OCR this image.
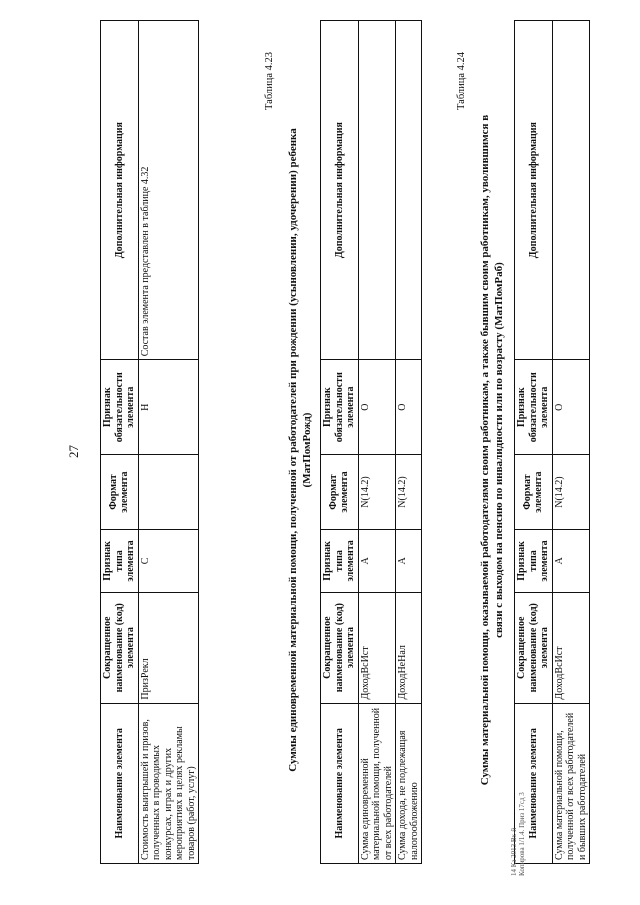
27
Наименование элемента	Сокращенное наименование (код) элемента	Признак типа элемента	Формат элемента	Признак обязательности элемента	Дополнительная информация
Стоимость выигрышей и призов, полученных в проводимых конкурсах, играх и других мероприятиях в целях рекламы товаров (работ, услуг)	ПризРекл	С		Н	Состав элемента представлен в таблице 4.32
Таблица 4.23
Суммы единовременной материальной помощи, полученной от работодателей при рождении (усыновлении, удочерении) ребенка (МатПомРожд)
Наименование элемента	Сокращенное наименование (код) элемента	Признак типа элемента	Формат элемента	Признак обязательности элемента	Дополнительная информация
Сумма единовременной материальной помощи, полученной от всех работодателей	ДоходВсИст	А	N(14.2)	О	
Сумма дохода, не подлежащая налогообложению	ДоходНеНал	А	N(14.2)	О	
Таблица 4.24
Суммы материальной помощи, оказываемой работодателями своим работникам, а также бывшим своим работникам, уволившимся в связи с выходом на пенсию по инвалидности или по возрасту (МатПомРаб)
Наименование элемента	Сокращенное наименование (код) элемента	Признак типа элемента	Формат элемента	Признак обязательности элемента	Дополнительная информация
Сумма материальной помощи, полученной от всех работодателей и бывших работодателей	ДоходВсИст	А	N(14.2)	О	
14 Ка 2013 Вх-й Копирова 1/1.4. Приз 17сд 3
